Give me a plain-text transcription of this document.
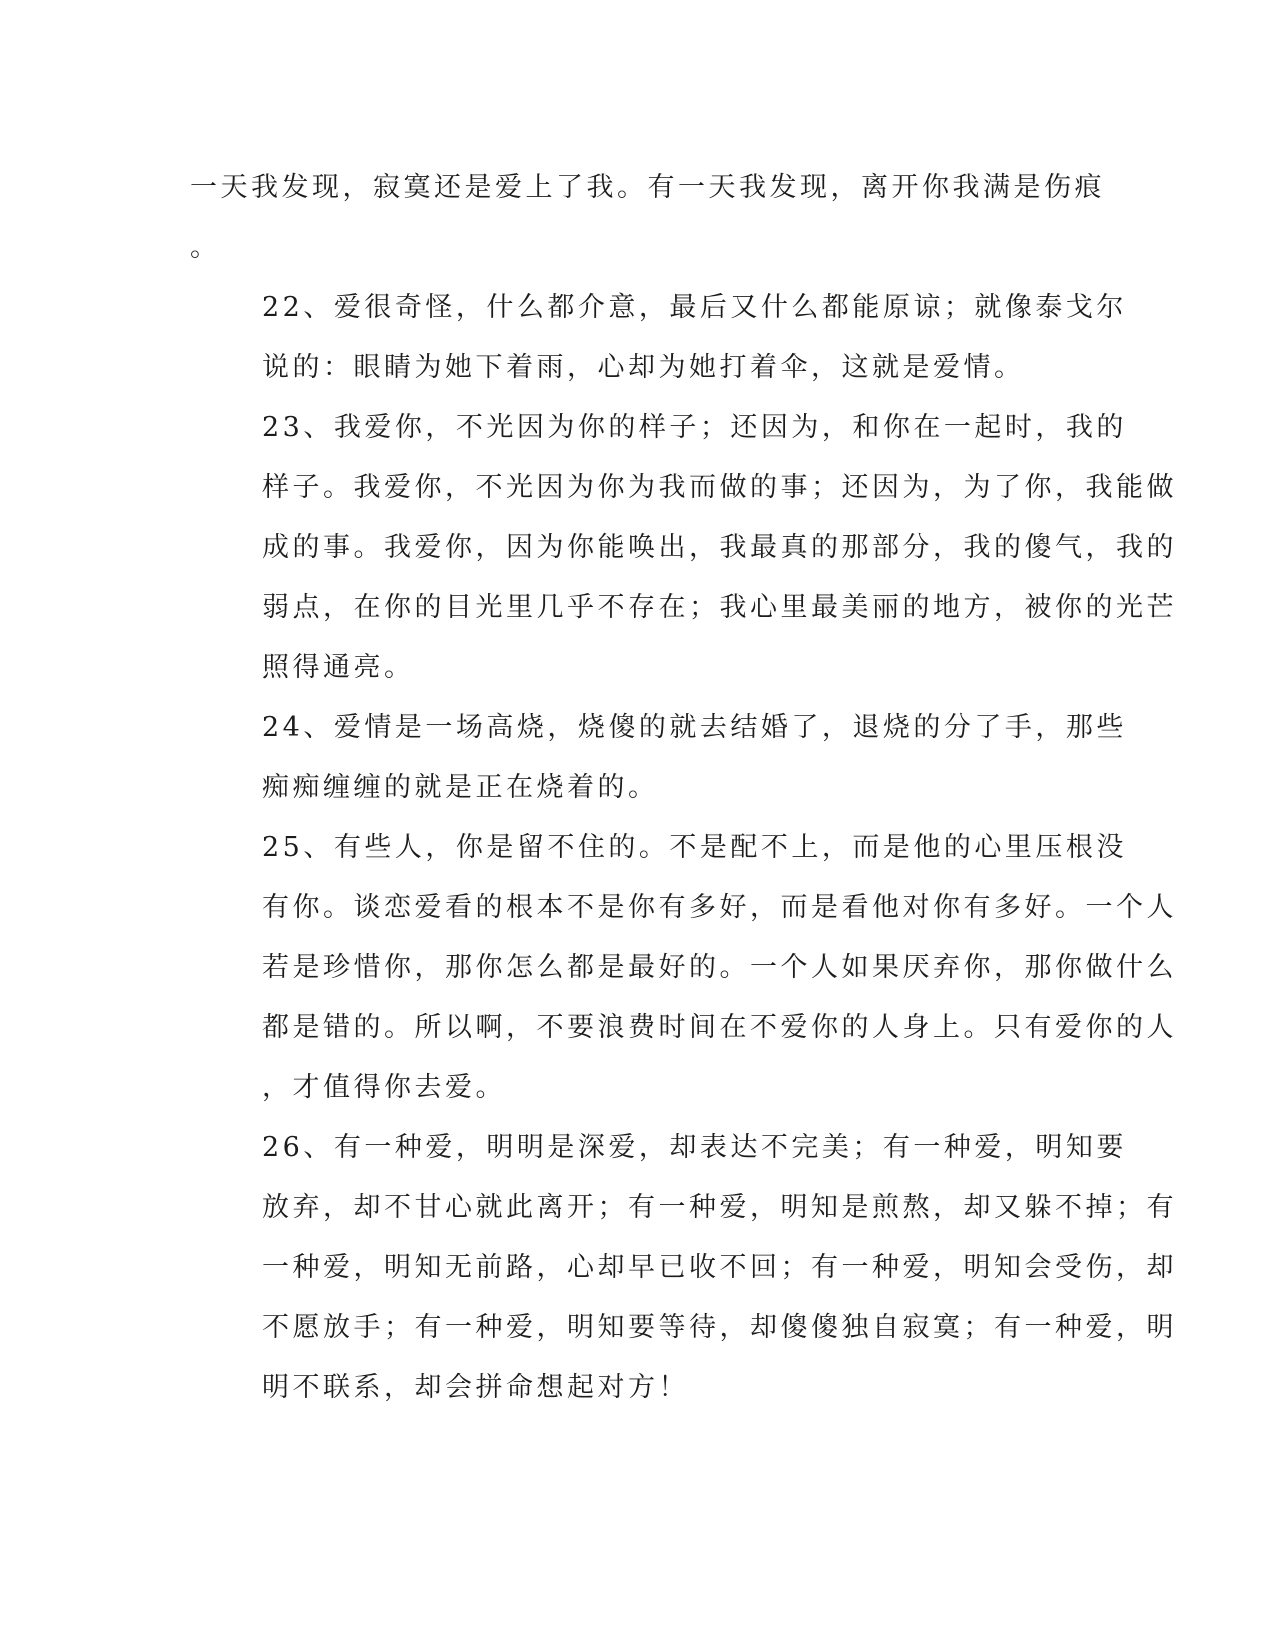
一天我发现，寂寞还是爱上了我。有一天我发现，离开你我满是伤痕
。
22、爱很奇怪，什么都介意，最后又什么都能原谅；就像泰戈尔
说的：眼睛为她下着雨，心却为她打着伞，这就是爱情。
23、我爱你，不光因为你的样子；还因为，和你在一起时，我的
样子。我爱你，不光因为你为我而做的事；还因为，为了你，我能做
成的事。我爱你，因为你能唤出，我最真的那部分，我的傻气，我的
弱点，在你的目光里几乎不存在；我心里最美丽的地方，被你的光芒
照得通亮。
24、爱情是一场高烧，烧傻的就去结婚了，退烧的分了手，那些
痴痴缠缠的就是正在烧着的。
25、有些人，你是留不住的。不是配不上，而是他的心里压根没
有你。谈恋爱看的根本不是你有多好，而是看他对你有多好。一个人
若是珍惜你，那你怎么都是最好的。一个人如果厌弃你，那你做什么
都是错的。所以啊，不要浪费时间在不爱你的人身上。只有爱你的人
，才值得你去爱。
26、有一种爱，明明是深爱，却表达不完美；有一种爱，明知要
放弃，却不甘心就此离开；有一种爱，明知是煎熬，却又躲不掉；有
一种爱，明知无前路，心却早已收不回；有一种爱，明知会受伤，却
不愿放手；有一种爱，明知要等待，却傻傻独自寂寞；有一种爱，明
明不联系，却会拼命想起对方！
